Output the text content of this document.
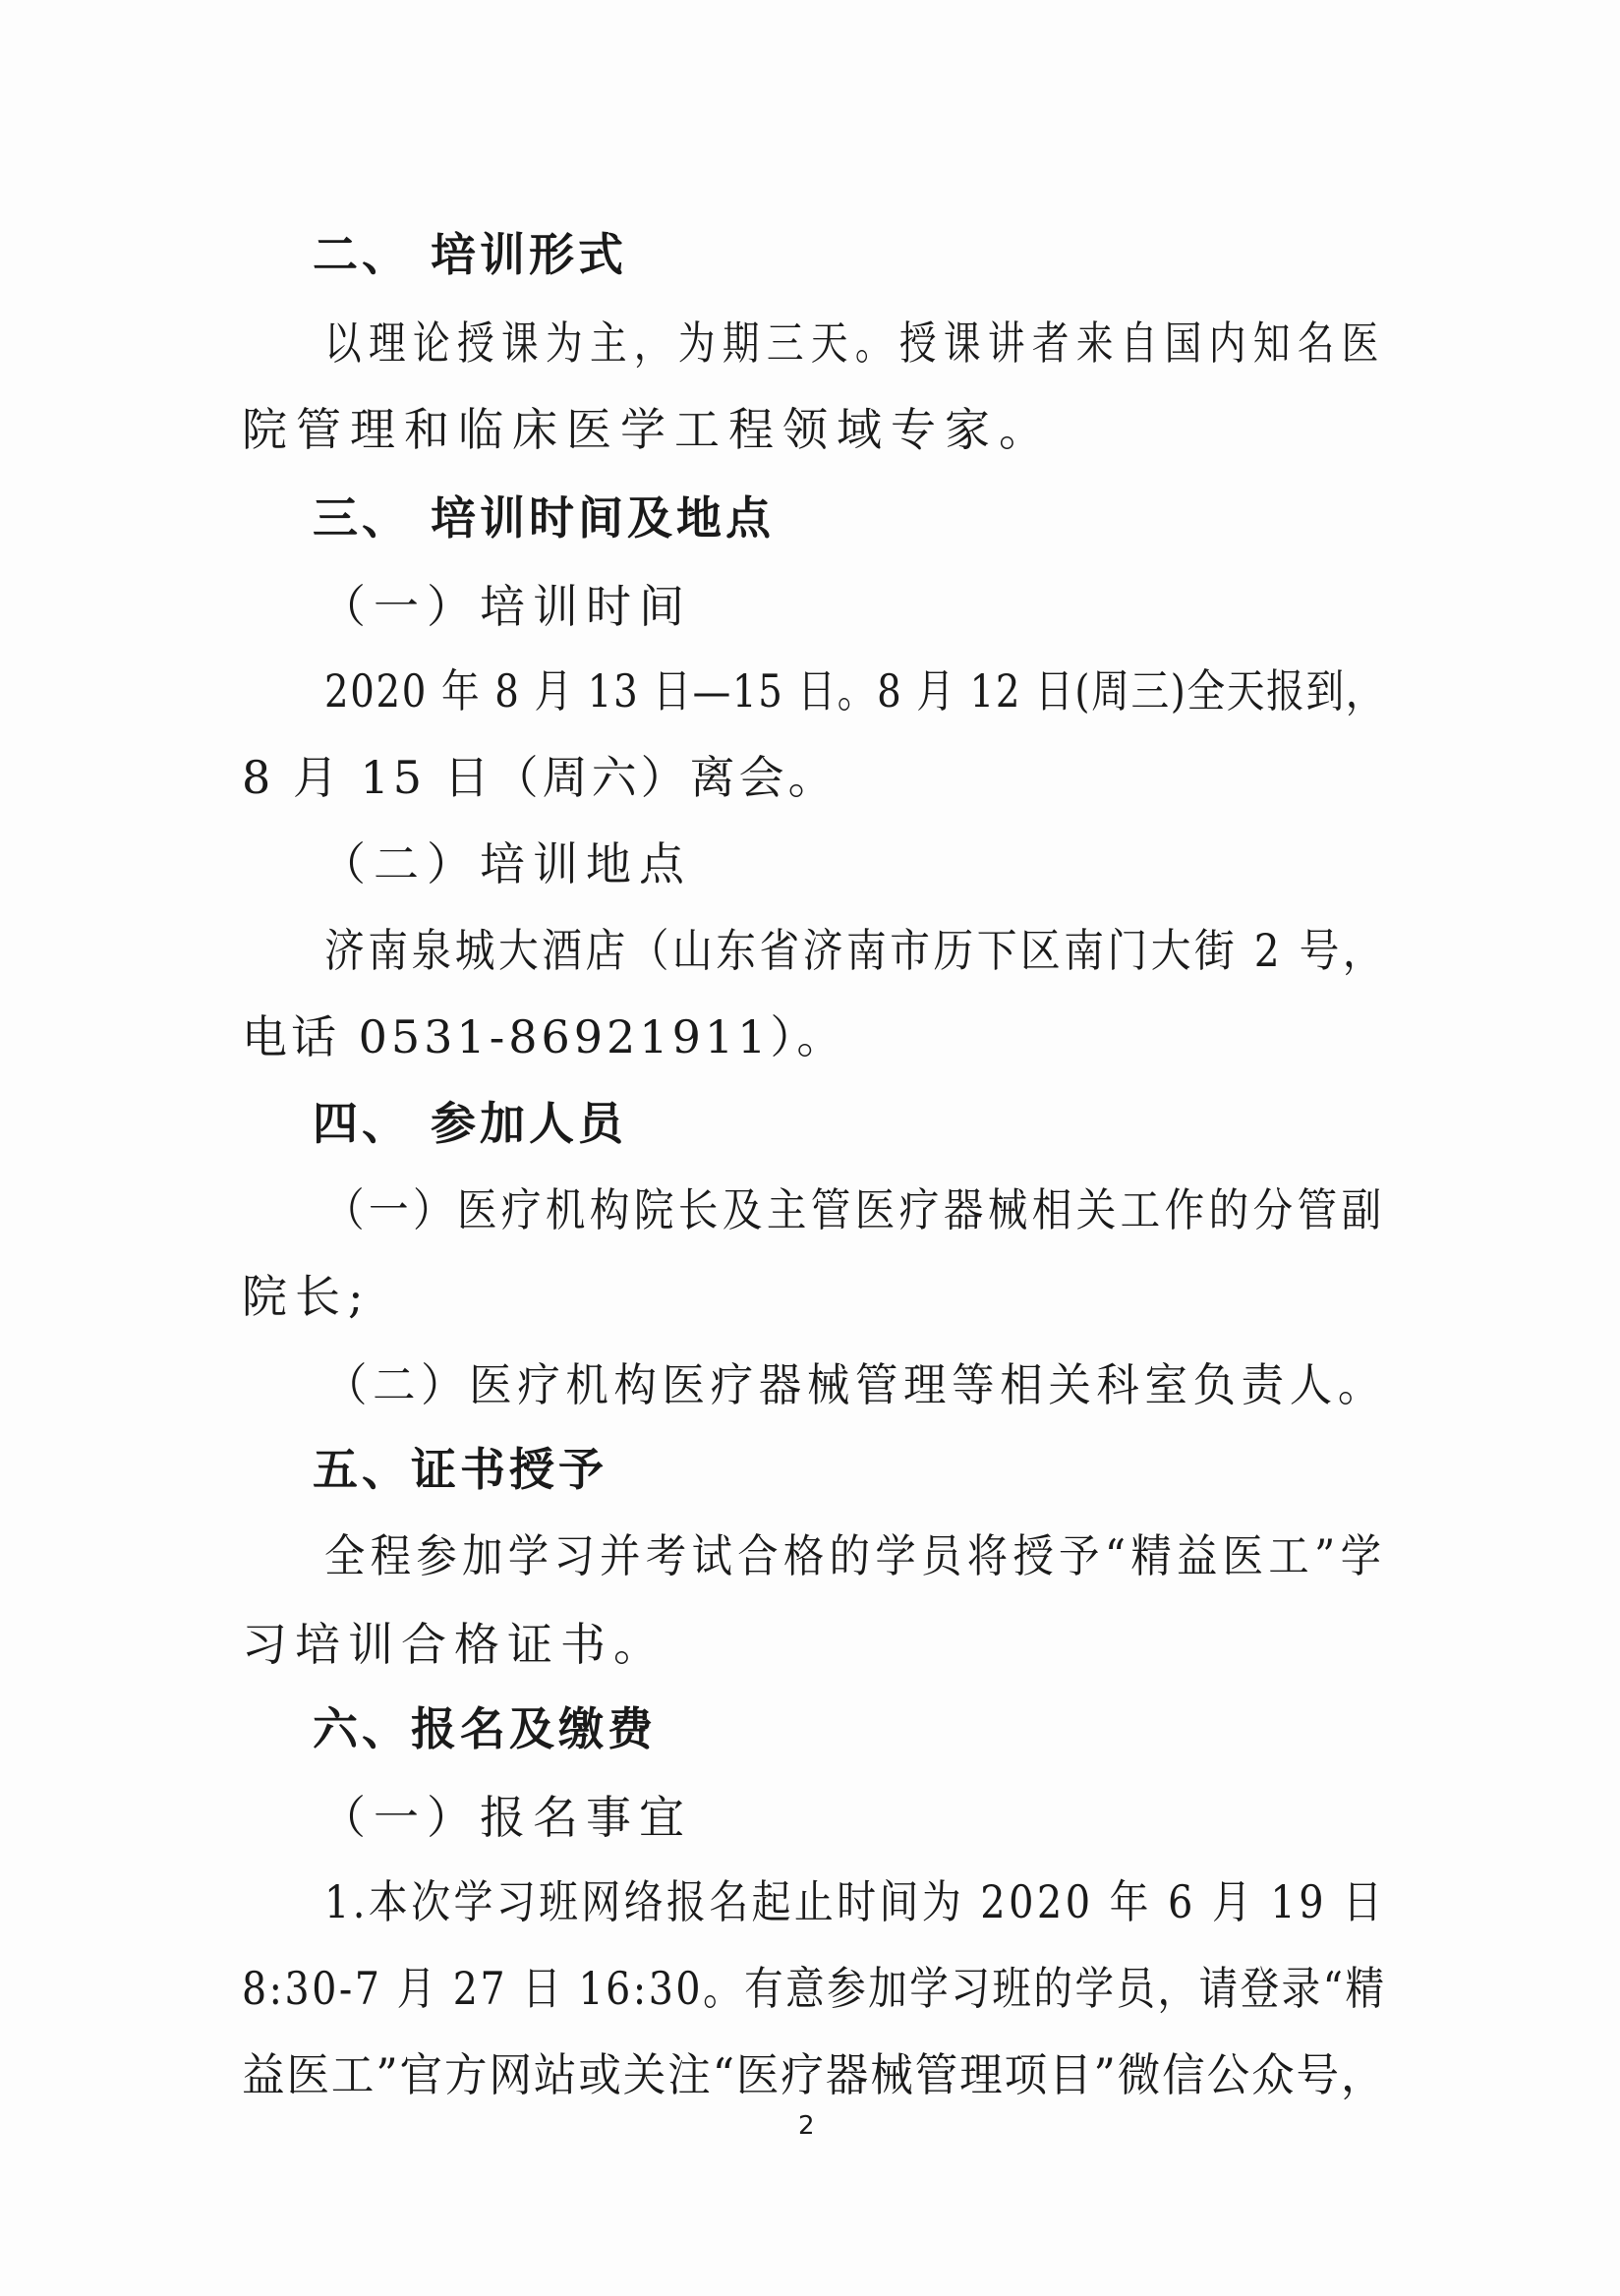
二、 培训形式
以理论授课为主，为期三天。授课讲者来自国内知名医
院管理和临床医学工程领域专家。
三、 培训时间及地点
（一）培训时间
2020 年 8 月 13 日—15 日。8 月 12 日(周三)全天报到，
8 月 15 日（周六）离会。
（二）培训地点
济南泉城大酒店（山东省济南市历下区南门大街 2 号，
电话 0531-86921911）。
四、 参加人员
（一）医疗机构院长及主管医疗器械相关工作的分管副
院长;
（二）医疗机构医疗器械管理等相关科室负责人。
五、证书授予
全程参加学习并考试合格的学员将授予“精益医工”学
习培训合格证书。
六、报名及缴费
（一）报名事宜
1.本次学习班网络报名起止时间为 2020 年 6 月 19 日
8:30-7 月 27 日 16:30。有意参加学习班的学员，请登录“精
益医工”官方网站或关注“医疗器械管理项目”微信公众号，
2
